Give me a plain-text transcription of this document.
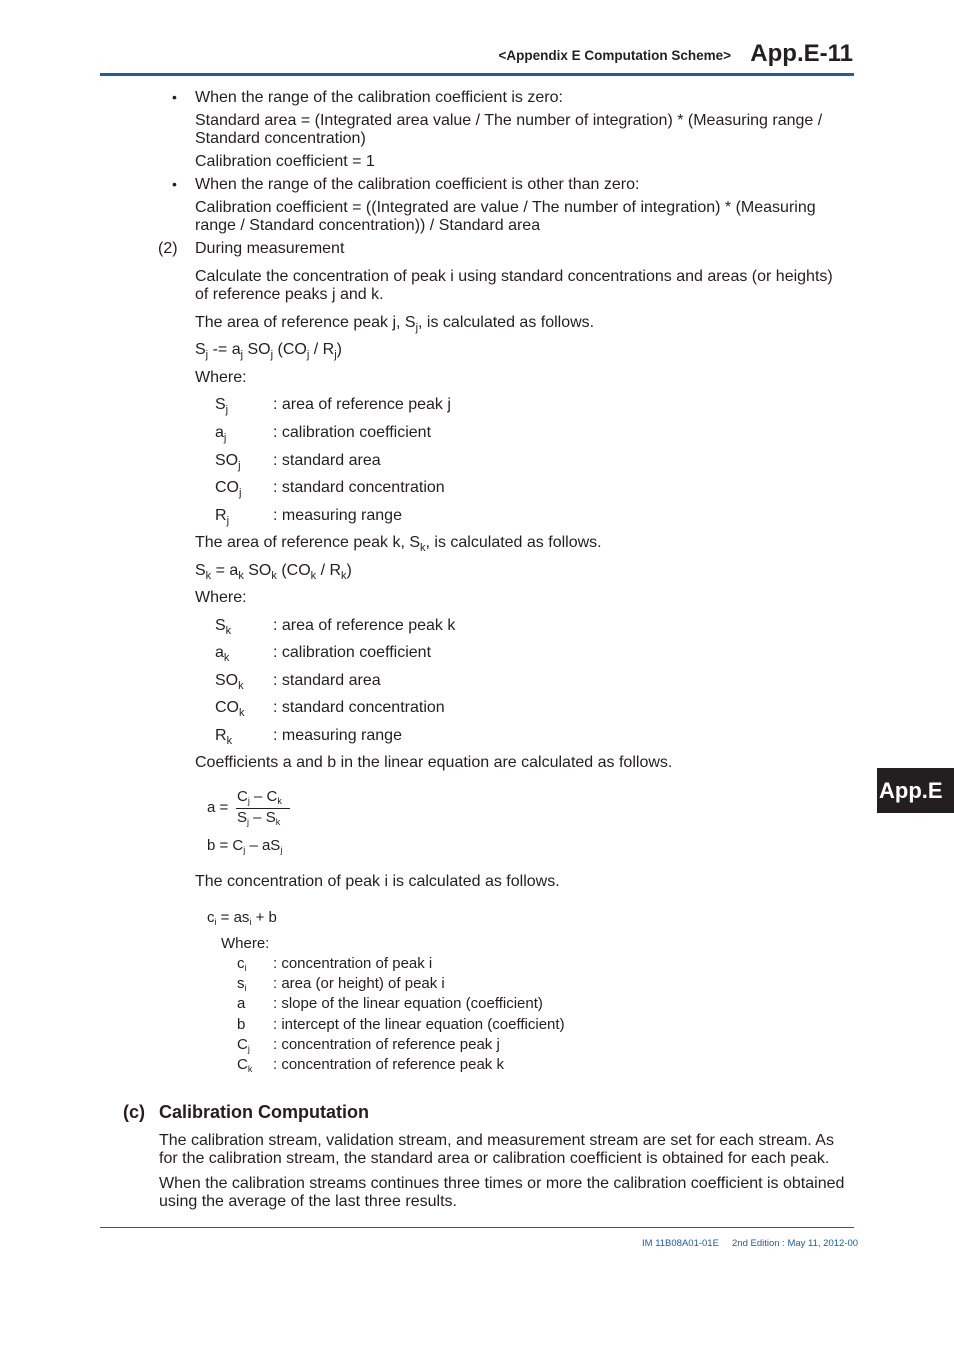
<Appendix E Computation Scheme> App.E-11
App.E
• When the range of the calibration coefficient is zero:
Standard area = (Integrated area value / The number of integration) * (Measuring range /
Standard concentration)
Calibration coefficient = 1
• When the range of the calibration coefficient is other than zero:
Calibration coefficient = ((Integrated are value / The number of integration) * (Measuring
range / Standard concentration)) / Standard area
(2) During measurement
Calculate the concentration of peak i using standard concentrations and areas (or heights)
of reference peaks j and k.
The area of reference peak j, $S_j$, is calculated as follows.
$S_j -= a_j$ $SO_j$ $(CO_j / R_j)$
Where:
$S_j$	: area of reference peak j
$a_j$	: calibration coefficient
$SO_j$ : standard area
$CO_j$ : standard concentration
$R_j$	: measuring range
The area of reference peak k, $S_k$, is calculated as follows.
$S_k = a_k$ $SO_k$ $(CO_k / R_k)$
Where:
$S_k$	: area of reference peak k
$a_k$	: calibration coefficient
$SO_k$ : standard area
$CO_k$ : standard concentration
$R_k$	: measuring range
Coefficients a and b in the linear equation are calculated as follows.
a =
$C_j - C_k$
$S_j - S_k$
$b = C_j - aS_j$
The concentration of peak i is calculated as follows.
$c_i = as_i + b$
Where:
$c_i$ : concentration of peak i
$s_i$ : area (or height) of peak i
a : slope of the linear equation (coefficient)
b : intercept of the linear equation (coefficient)
$C_j$ : concentration of reference peak j
$C_k$ : concentration of reference peak k
(c) Calibration Computation
The calibration stream, validation stream, and measurement stream are set for each stream. As
for the calibration stream, the standard area or calibration coefficient is obtained for each peak.
When the calibration streams continues three times or more the calibration coefficient is obtained
using the average of the last three results.
IM 11B08A01-01E 2nd Edition : May 11, 2012-00
